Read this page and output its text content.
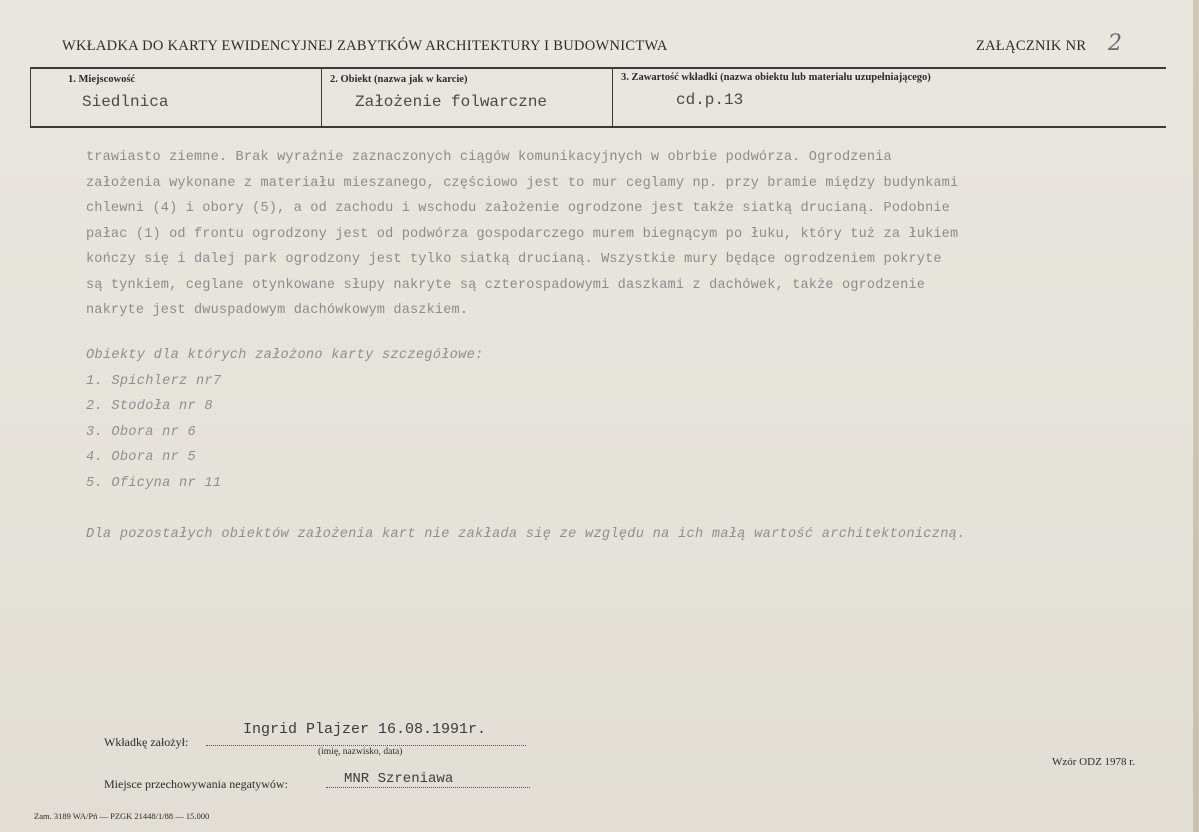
WKŁADKA DO KARTY EWIDENCYJNEJ ZABYTKÓW ARCHITEKTURY I BUDOWNICTWA	ZAŁĄCZNIK NR 2
1. Miejscowość
Siedlnica
2. Obiekt (nazwa jak w karcie)
Założenie folwarczne
3. Zawartość wkładki (nazwa obiektu lub materiału uzupełniającego)
cd.p.13
trawiasto ziemne. Brak wyraźnie zaznaczonych ciągów komunikacyjnych w obrbie podwórza. Ogrodzenia
założenia wykonane z materiału mieszanego, częściowo jest to mur ceglamy np. przy bramie między budynkami
chlewni (4) i obory (5), a od zachodu i wschodu założenie ogrodzone jest także siatką drucianą. Podobnie
pałac (1) od frontu ogrodzony jest od podwórza gospodarczego murem biegnącym po łuku, który tuż za łukiem
kończy się i dalej park ogrodzony jest tylko siatką drucianą. Wszystkie mury będące ogrodzeniem pokryte
są tynkiem, ceglane otynkowane słupy nakryte są czterospadowymi daszkami z dachówek, także ogrodzenie
nakryte jest dwuspadowym dachówkowym daszkiem.
Obiekty dla których założono karty szczegółowe:
1. Spichlerz nr7
2. Stodoła nr 8
3. Obora nr 6
4. Obora nr 5
5. Oficyna nr 11
Dla pozostałych obiektów założenia kart nie zakłada się ze względu na ich małą wartość architektoniczną.
Wkładkę założył:
Ingrid Plajzer 16.08.1991r.
(imię, nazwisko, data)
Wzór ODZ 1978 r.
Miejsce przechowywania negatywów:	MNR Szreniawa
Zam. 3189 WA/Pń — PZGK 21448/1/88 — 15.000
